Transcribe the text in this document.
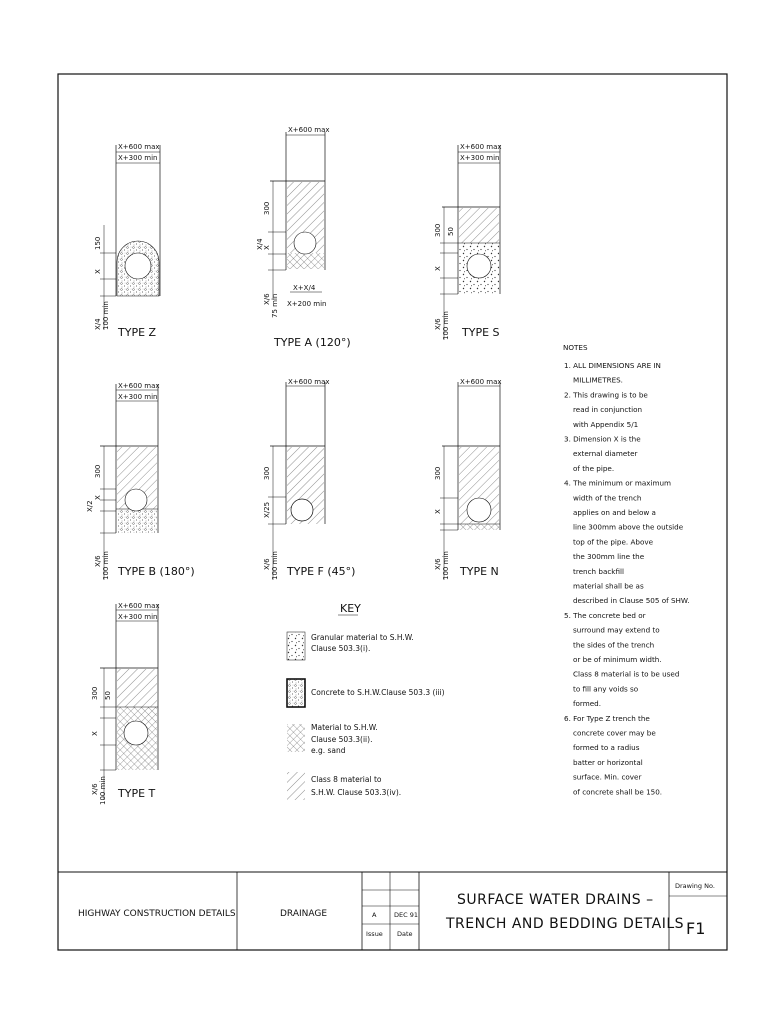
X+600 max
X+300 min
150
X
X/4 100 min
TYPE Z
X+600 max
300
X
X/4
X/6 75 min
X+X/4
X+200 min
TYPE A (120°)
X+600 max
X+300 min
300 50
X
X/6 100 min TYPE S
X+600 max
X+300 min
300
X
X/2
X/6 100 min TYPE B (180°)
X+600 max
300
X/25
X/6 100 min TYPE F (45°)
X+600 max
300
X
X/6 100 min TYPE N
X+600 max
X+300 min
300 50
X
X/6 100 min TYPE T
KEY
Granular material to S.H.W.
Clause 503.3(i).
Concrete to S.H.W.Clause 503.3 (iii)
Material to S.H.W.
Clause 503.3(ii).
e.g. sand
Class 8 material to
S.H.W. Clause 503.3(iv).
NOTES
1. ALL DIMENSIONS ARE IN
MILLIMETRES.
2. This drawing is to be
read in conjunction
with Appendix 5/1
3. Dimension X is the
external diameter
of the pipe.
4. The minimum or maximum
width of the trench
applies on and below a
line 300mm above the outside
top of the pipe. Above
the 300mm line the
trench backfill
material shall be as
described in Clause 505 of SHW.
5. The concrete bed or
surround may extend to
the sides of the trench
or be of minimum width.
Class 8 material is to be used
to fill any voids so
formed.
6. For Type Z trench the
concrete cover may be
formed to a radius
batter or horizontal
surface. Min. cover
of concrete shall be 150.
HIGHWAY CONSTRUCTION DETAILS	DRAINAGE	A	DEC 91
Issue Date
SURFACE WATER DRAINS –
TRENCH AND BEDDING DETAILS
Drawing No.
F1
